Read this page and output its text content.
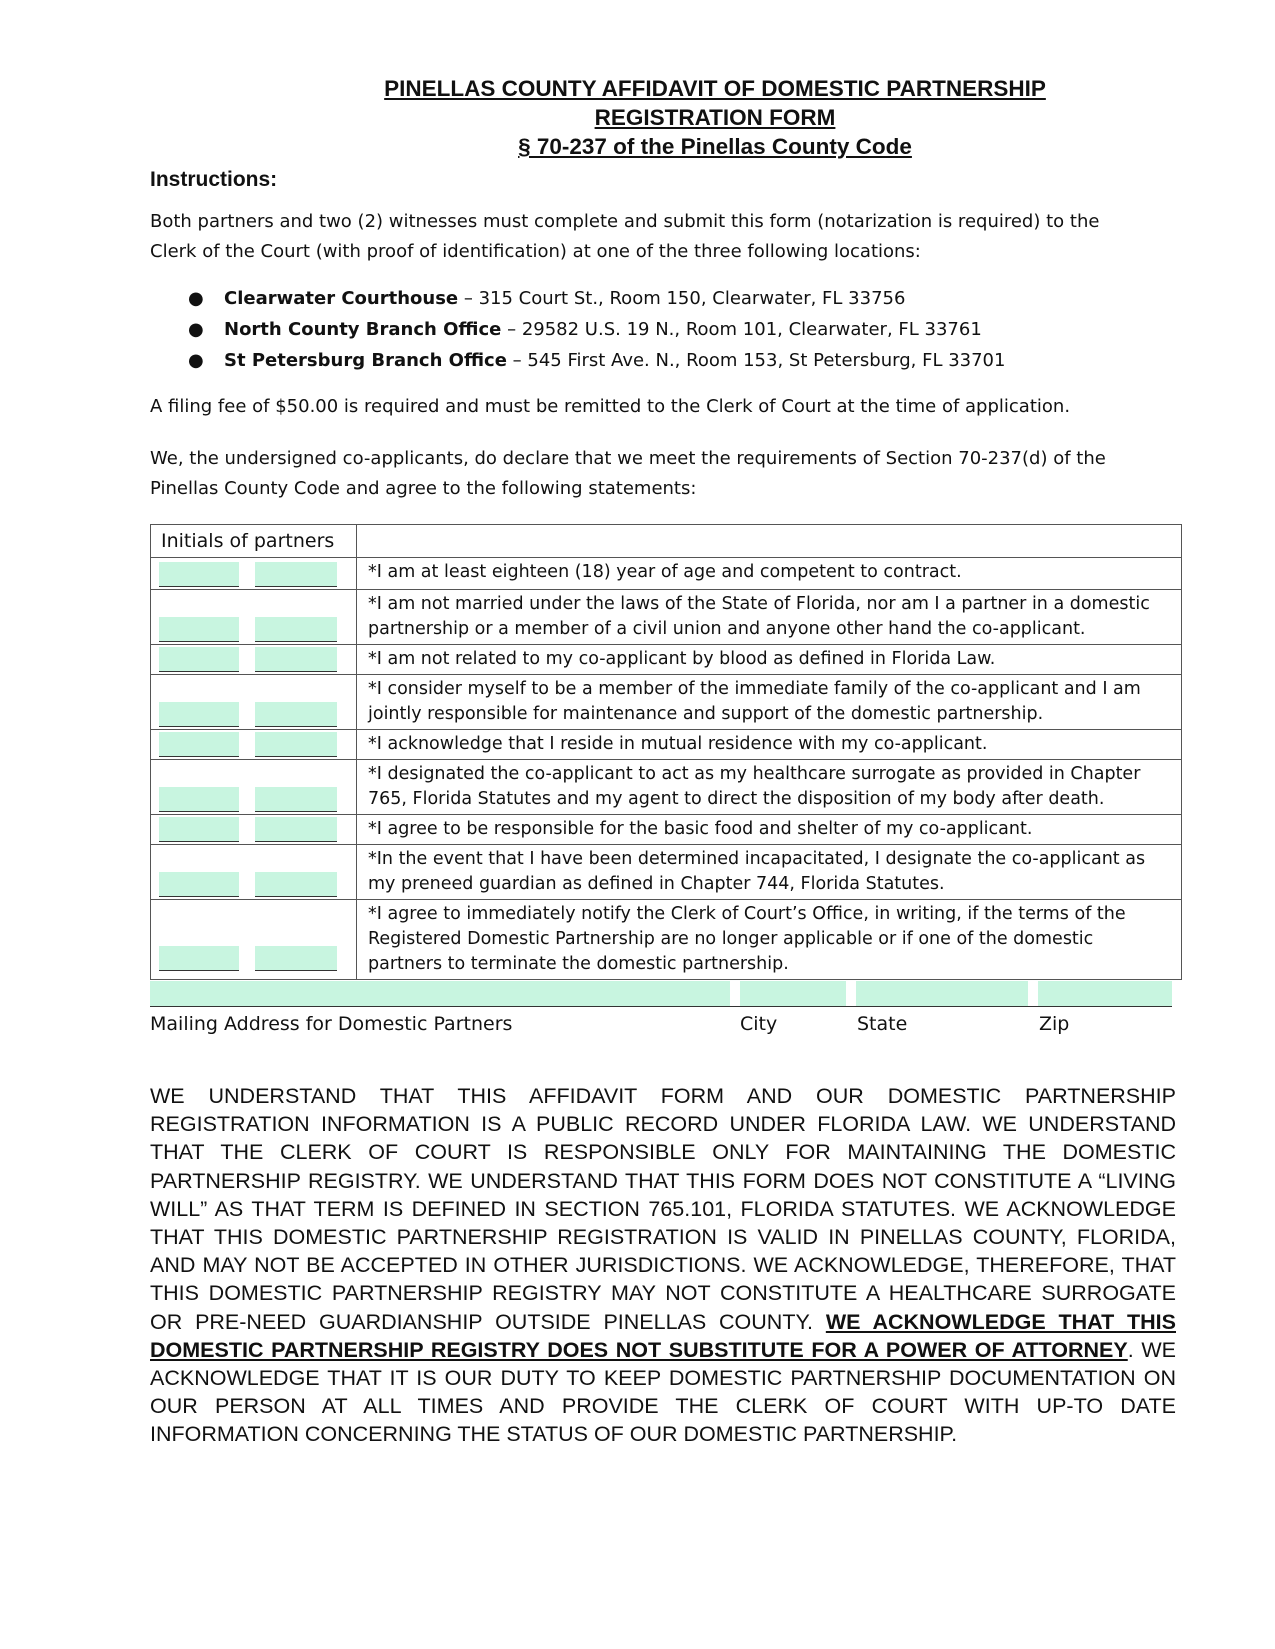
PINELLAS COUNTY AFFIDAVIT OF DOMESTIC PARTNERSHIP
REGISTRATION FORM
§ 70-237 of the Pinellas County Code
Instructions:
Both partners and two (2) witnesses must complete and submit this form (notarization is required) to the Clerk of the Court (with proof of identification) at one of the three following locations:
● Clearwater Courthouse – 315 Court St., Room 150, Clearwater, FL 33756
● North County Branch Office – 29582 U.S. 19 N., Room 101, Clearwater, FL 33761
● St Petersburg Branch Office – 545 First Ave. N., Room 153, St Petersburg, FL 33701
A filing fee of $50.00 is required and must be remitted to the Clerk of Court at the time of application.
We, the undersigned co-applicants, do declare that we meet the requirements of Section 70-237(d) of the Pinellas County Code and agree to the following statements:
Initials of partners	

	*I am at least eighteen (18) year of age and competent to contract.

	*I am not married under the laws of the State of Florida, nor am I a partner in a domestic partnership or a member of a civil union and anyone other hand the co-applicant.

	*I am not related to my co-applicant by blood as defined in Florida Law.

	*I consider myself to be a member of the immediate family of the co-applicant and I am jointly responsible for maintenance and support of the domestic partnership.

	*I acknowledge that I reside in mutual residence with my co-applicant.

	*I designated the co-applicant to act as my healthcare surrogate as provided in Chapter 765, Florida Statutes and my agent to direct the disposition of my body after death.

	*I agree to be responsible for the basic food and shelter of my co-applicant.

	*In the event that I have been determined incapacitated, I designate the co-applicant as my preneed guardian as defined in Chapter 744, Florida Statutes.

	*I agree to immediately notify the Clerk of Court’s Office, in writing, if the terms of the Registered Domestic Partnership are no longer applicable or if one of the domestic partners to terminate the domestic partnership.
Mailing Address for Domestic Partners	City	State	Zip
WE UNDERSTAND THAT THIS AFFIDAVIT FORM AND OUR DOMESTIC PARTNERSHIP REGISTRATION INFORMATION IS A PUBLIC RECORD UNDER FLORIDA LAW. WE UNDERSTAND THAT THE CLERK OF COURT IS RESPONSIBLE ONLY FOR MAINTAINING THE DOMESTIC PARTNERSHIP REGISTRY. WE UNDERSTAND THAT THIS FORM DOES NOT CONSTITUTE A “LIVING WILL” AS THAT TERM IS DEFINED IN SECTION 765.101, FLORIDA STATUTES. WE ACKNOWLEDGE THAT THIS DOMESTIC PARTNERSHIP REGISTRATION IS VALID IN PINELLAS COUNTY, FLORIDA, AND MAY NOT BE ACCEPTED IN OTHER JURISDICTIONS. WE ACKNOWLEDGE, THEREFORE, THAT THIS DOMESTIC PARTNERSHIP REGISTRY MAY NOT CONSTITUTE A HEALTHCARE SURROGATE OR PRE-NEED GUARDIANSHIP OUTSIDE PINELLAS COUNTY. WE ACKNOWLEDGE THAT THIS DOMESTIC PARTNERSHIP REGISTRY DOES NOT SUBSTITUTE FOR A POWER OF ATTORNEY. WE ACKNOWLEDGE THAT IT IS OUR DUTY TO KEEP DOMESTIC PARTNERSHIP DOCUMENTATION ON OUR PERSON AT ALL TIMES AND PROVIDE THE CLERK OF COURT WITH UP-TO DATE INFORMATION CONCERNING THE STATUS OF OUR DOMESTIC PARTNERSHIP.
